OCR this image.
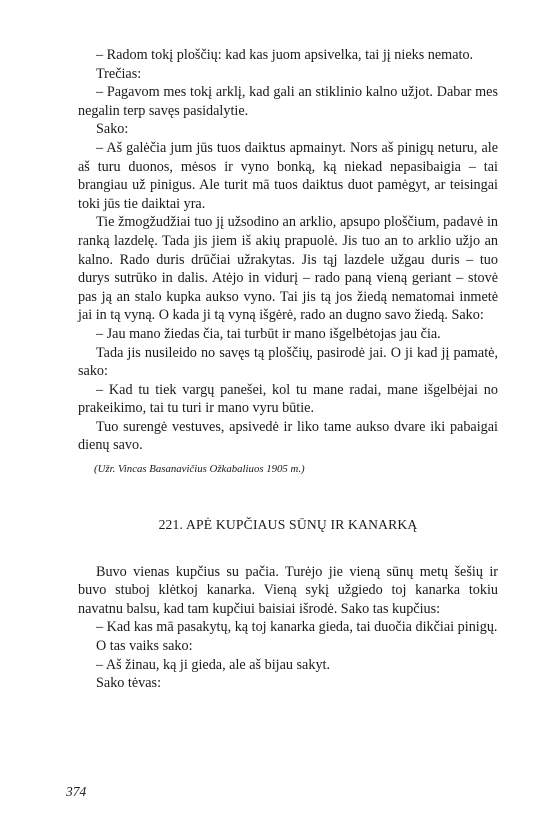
– Radom tokį ploščių: kad kas juom apsivelka, tai jį nieks nemato.

Trečias:

– Pagavom mes tokį arklį, kad gali an stiklinio kalno užjot. Dabar mes negalin terp savęs pasidalytie.

Sako:

– Aš galėčia jum jūs tuos daiktus apmainyt. Nors aš pinigų neturu, ale aš turu duonos, mėsos ir vyno bonką, ką niekad nepasibaigia – tai brangiau už pinigus. Ale turit mā tuos daiktus duot pamėgyt, ar teisingai toki jūs tie daiktai yra.

Tie žmogžudžiai tuo jį užsodino an arklio, apsupo ploščium, padavė in ranką lazdelę. Tada jis jiem iš akių prapuolė. Jis tuo an to arklio užjo an kalno. Rado duris drūčiai užrakytas. Jis tąj lazdele užgau duris – tuo durys sutrūko in dalis. Atėjo in vidurį – rado paną vieną geriant – stovė pas ją an stalo kupka aukso vyno. Tai jis tą jos žiedą nematomai inmetė jai in tą vyną. O kada ji tą vyną išgėrė, rado an dugno savo žiedą. Sako:

– Jau mano žiedas čia, tai turbūt ir mano išgelbėtojas jau čia.

Tada jis nusileido no savęs tą ploščių, pasirodė jai. O ji kad jį pamatė, sako:

– Kad tu tiek vargų panešei, kol tu mane radai, mane išgelbėjai no prakeikimo, tai tu turi ir mano vyru būtie.

Tuo surengė vestuves, apsivedė ir liko tame aukso dvare iki pabaigai dienų savo.

(Užr. Vincas Basanavičius Ožkabaliuos 1905 m.)

221. APĖ KUPČIAUS SŪNŲ IR KANARKĄ

Buvo vienas kupčius su pačia. Turėjo jie vieną sūnų metų šešių ir buvo stuboj klėtkoj kanarka. Vieną sykį užgiedo toj kanarka tokiu navatnu balsu, kad tam kupčiui baisiai išrodė. Sako tas kupčius:

– Kad kas mā pasakytų, ką toj kanarka gieda, tai duočia dikčiai pinigų.

O tas vaiks sako:

– Aš žinau, ką ji gieda, ale aš bijau sakyt.

Sako tėvas:

374
